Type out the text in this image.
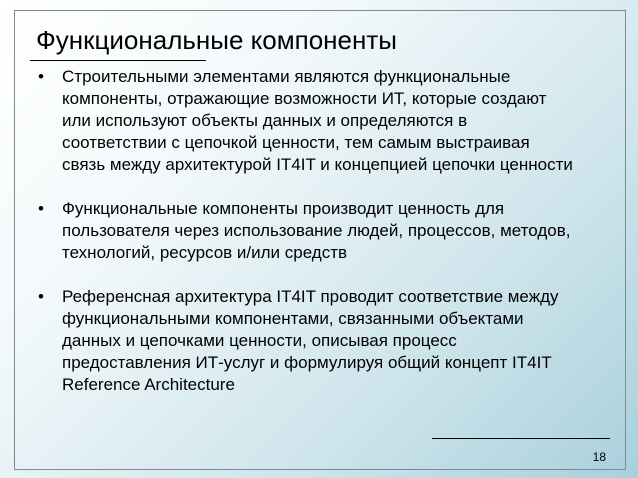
Функциональные компоненты
• Строительными элементами являются функциональные
компоненты, отражающие возможности ИТ, которые создают
или используют объекты данных и определяются в
соответствии с цепочкой ценности, тем самым выстраивая
связь между архитектурой IT4IT и концепцией цепочки ценности
• Функциональные компоненты производит ценность для
пользователя через использование людей, процессов, методов,
технологий, ресурсов и/или средств
• Референсная архитектура IT4IT проводит соответствие между
функциональными компонентами, связанными объектами
данных и цепочками ценности, описывая процесс
предоставления ИТ-услуг и формулируя общий концепт IT4IT
Reference Architecture
18
